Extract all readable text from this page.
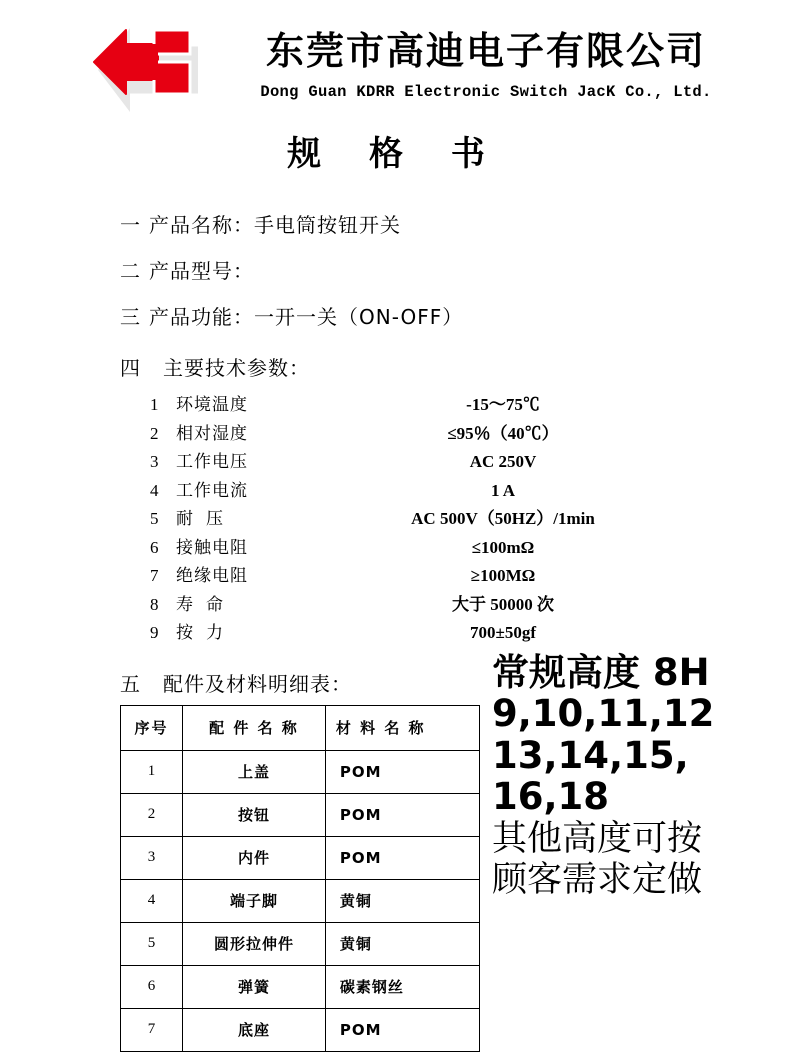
东莞市高迪电子有限公司
Dong Guan KDRR Electronic Switch JacK Co., Ltd.
规 格 书
一 产品名称：手电筒按钮开关
二 产品型号：
三 产品功能：一开一关（ON-OFF）
四 主要技术参数：
1	环境温度	-15～75℃
2	相对湿度	≤95％（40℃）
3	工作电压	AC 250V
4	工作电流	1 A
5	耐压	AC 500V（50HZ）/1min
6	接触电阻	≤100mΩ
7	绝缘电阻	≥100MΩ
8	寿命	大于 50000 次
9	按力	700±50gf
五 配件及材料明细表：
序号	配 件 名 称	材 料 名 称
1	上盖	POM
2	按钮	POM
3	内件	POM
4	端子脚	黄铜
5	圆形拉伸件	黄铜
6	弹簧	碳素钢丝
7	底座	POM
常规高度 8H
9,10,11,12
13,14,15,
16,18
其他高度可按
顾客需求定做
